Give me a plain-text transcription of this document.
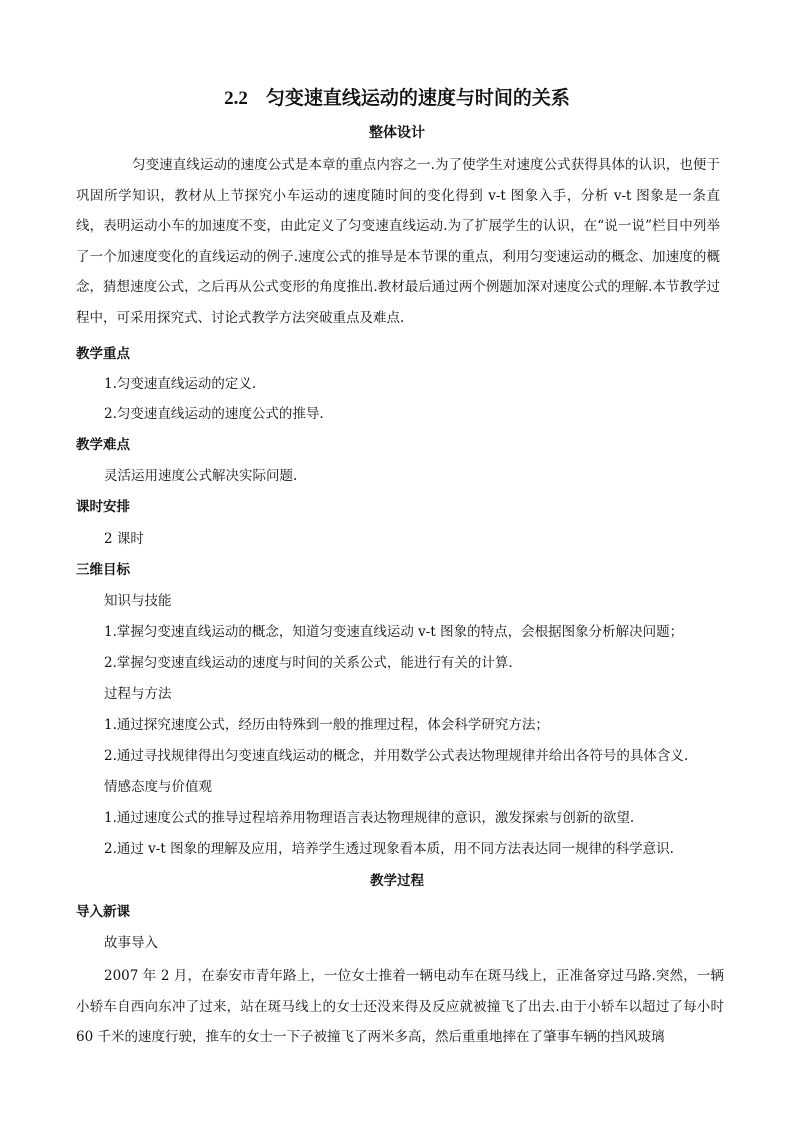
2.2 匀变速直线运动的速度与时间的关系
整体设计

匀变速直线运动的速度公式是本章的重点内容之一.为了使学生对速度公式获得具体的认识，也便于巩固所学知识，教材从上节探究小车运动的速度随时间的变化得到 v-t 图象入手，分析 v-t 图象是一条直线，表明运动小车的加速度不变，由此定义了匀变速直线运动.为了扩展学生的认识，在“说一说”栏目中列举了一个加速度变化的直线运动的例子.速度公式的推导是本节课的重点，利用匀变速运动的概念、加速度的概念，猜想速度公式，之后再从公式变形的角度推出.教材最后通过两个例题加深对速度公式的理解.本节教学过程中，可采用探究式、讨论式教学方法突破重点及难点.

教学重点
1.匀变速直线运动的定义.
2.匀变速直线运动的速度公式的推导.
教学难点
灵活运用速度公式解决实际问题.
课时安排
2 课时
三维目标
知识与技能
1.掌握匀变速直线运动的概念，知道匀变速直线运动 v-t 图象的特点，会根据图象分析解决问题；
2.掌握匀变速直线运动的速度与时间的关系公式，能进行有关的计算.
过程与方法
1.通过探究速度公式，经历由特殊到一般的推理过程，体会科学研究方法；
2.通过寻找规律得出匀变速直线运动的概念，并用数学公式表达物理规律并给出各符号的具体含义.
情感态度与价值观
1.通过速度公式的推导过程培养用物理语言表达物理规律的意识，激发探索与创新的欲望.
2.通过 v-t 图象的理解及应用，培养学生透过现象看本质，用不同方法表达同一规律的科学意识.
教学过程
导入新课
故事导入

2007 年 2 月，在泰安市青年路上，一位女士推着一辆电动车在斑马线上，正准备穿过马路.突然，一辆小轿车自西向东冲了过来，站在斑马线上的女士还没来得及反应就被撞飞了出去.由于小轿车以超过了每小时 60 千米的速度行驶，推车的女士一下子被撞飞了两米多高，然后重重地摔在了肇事车辆的挡风玻璃
